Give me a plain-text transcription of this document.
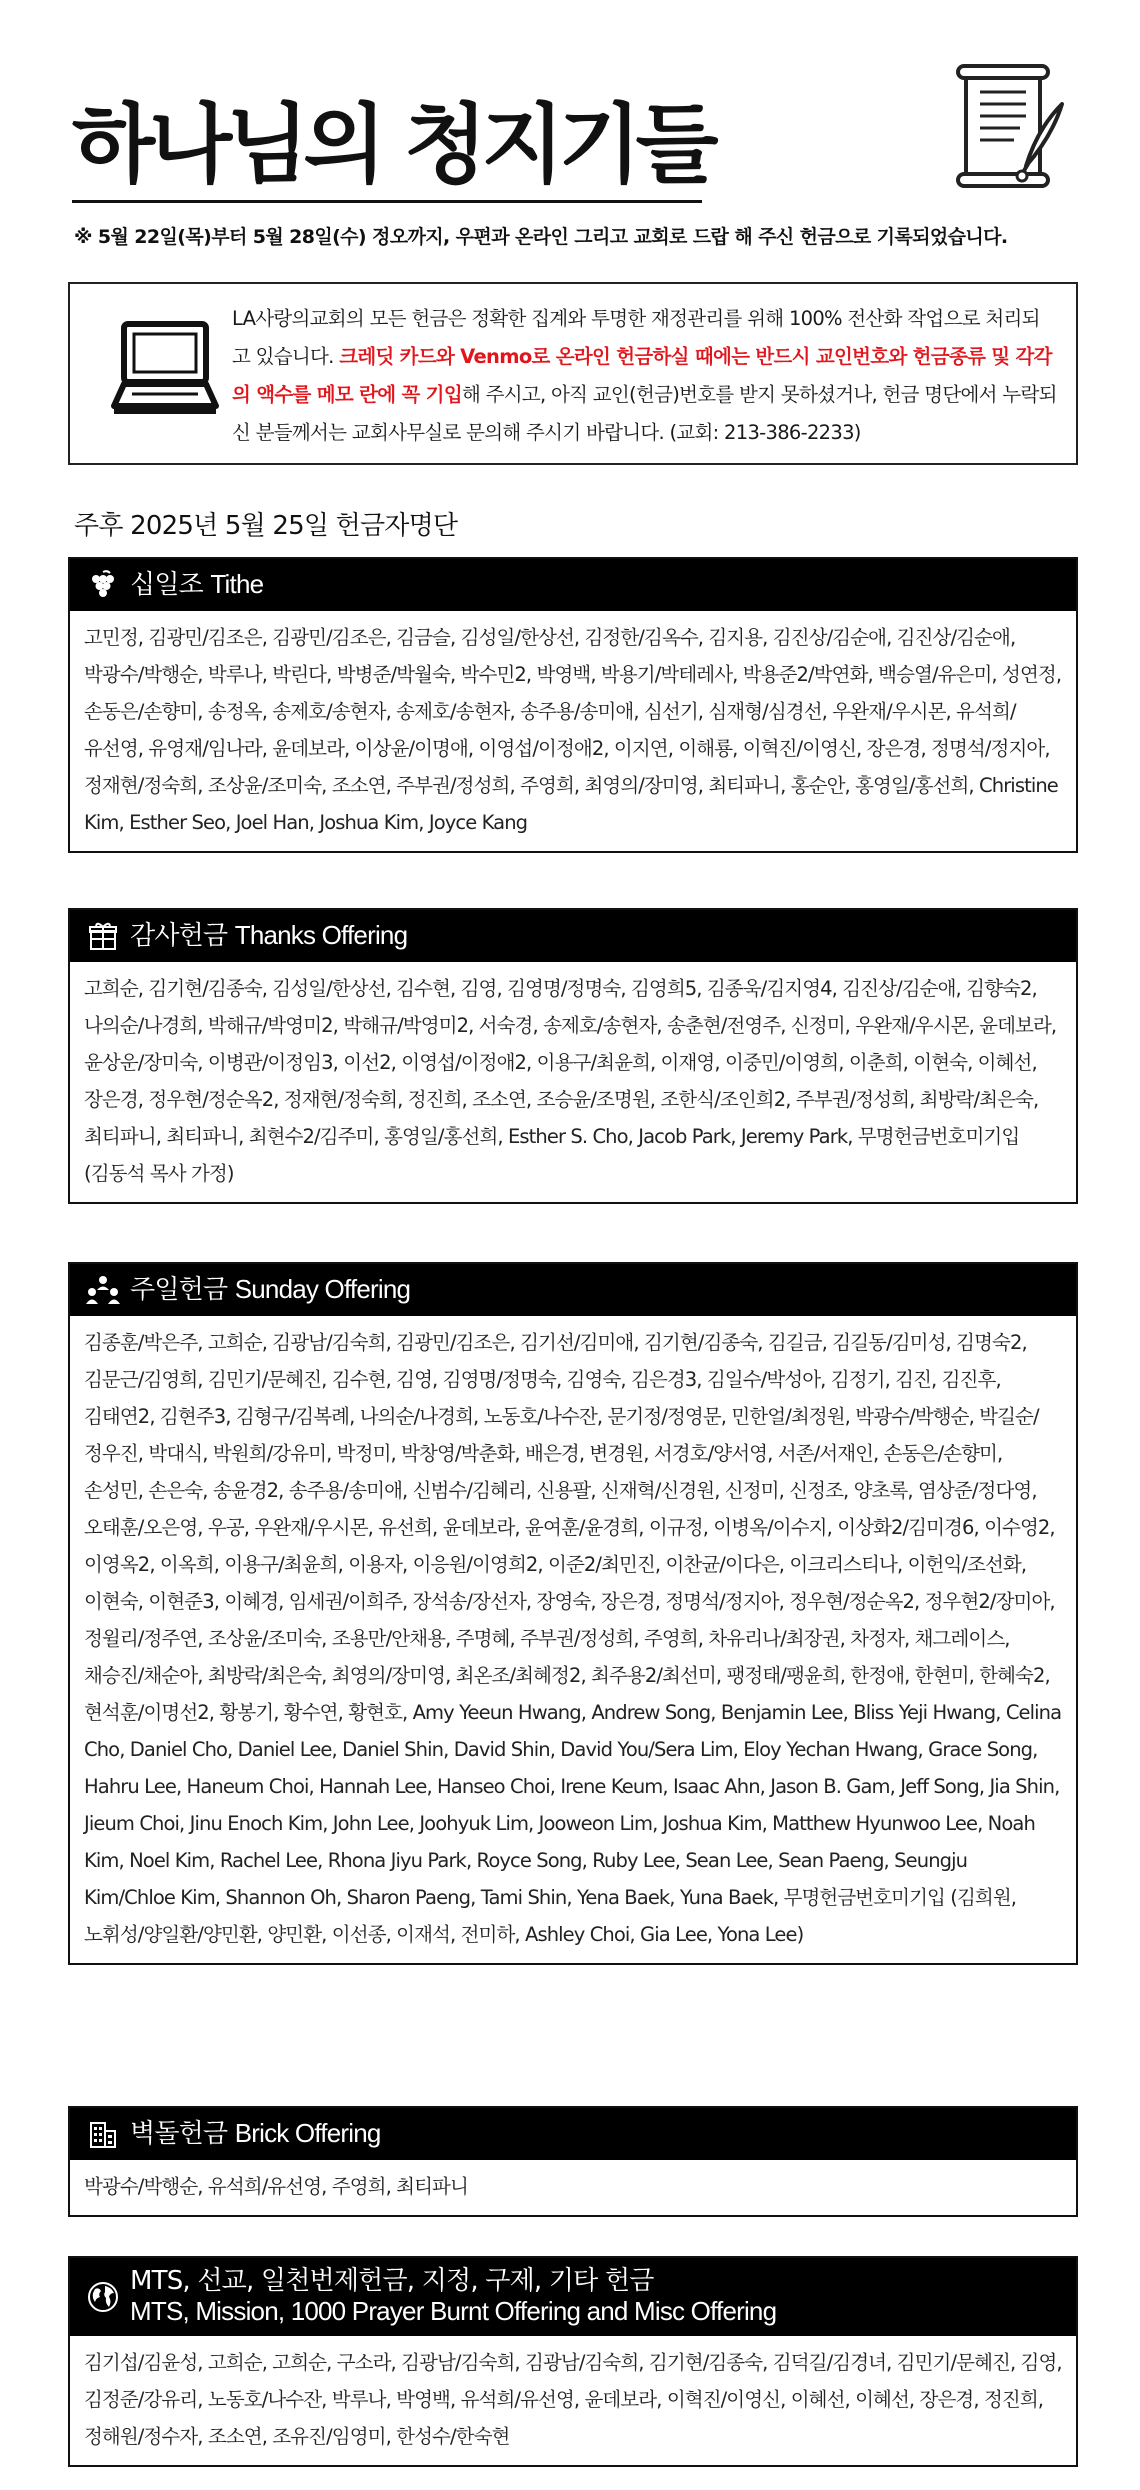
하나님의 청지기들
※ 5월 22일(목)부터 5월 28일(수) 정오까지, 우편과 온라인 그리고 교회로 드랍 해 주신 헌금으로 기록되었습니다.
LA사랑의교회의 모든 헌금은 정확한 집계와 투명한 재정관리를 위해 100% 전산화 작업으로 처리되고 있습니다. 크레딧 카드와 Venmo로 온라인 헌금하실 때에는 반드시 교인번호와 헌금종류 및 각각의 액수를 메모 란에 꼭 기입해 주시고, 아직 교인(헌금)번호를 받지 못하셨거나, 헌금 명단에서 누락되신 분들께서는 교회사무실로 문의해 주시기 바랍니다. (교회: 213-386-2233)
주후 2025년 5월 25일 헌금자명단
십일조 Tithe
고민정, 김광민/김조은, 김광민/김조은, 김금슬, 김성일/한상선, 김정한/김옥수, 김지용, 김진상/김순애, 김진상/김순애, 박광수/박행순, 박루나, 박린다, 박병준/박월숙, 박수민2, 박영백, 박용기/박테레사, 박용준2/박연화, 백승열/유은미, 성연정, 손동은/손향미, 송정옥, 송제호/송현자, 송제호/송현자, 송주용/송미애, 심선기, 심재형/심경선, 우완재/우시몬, 유석희/유선영, 유영재/임나라, 윤데보라, 이상윤/이명애, 이영섭/이정애2, 이지연, 이해룡, 이혁진/이영신, 장은경, 정명석/정지아, 정재현/정숙희, 조상윤/조미숙, 조소연, 주부권/정성희, 주영희, 최영의/장미영, 최티파니, 홍순안, 홍영일/홍선희, Christine Kim, Esther Seo, Joel Han, Joshua Kim, Joyce Kang
감사헌금 Thanks Offering
고희순, 김기현/김종숙, 김성일/한상선, 김수현, 김영, 김영명/정명숙, 김영희5, 김종욱/김지영4, 김진상/김순애, 김향숙2, 나의순/나경희, 박해규/박영미2, 박해규/박영미2, 서숙경, 송제호/송현자, 송춘현/전영주, 신정미, 우완재/우시몬, 윤데보라, 윤상운/장미숙, 이병관/이정임3, 이선2, 이영섭/이정애2, 이용구/최윤희, 이재영, 이중민/이영희, 이춘희, 이현숙, 이혜선, 장은경, 정우현/정순옥2, 정재현/정숙희, 정진희, 조소연, 조승윤/조명원, 조한식/조인희2, 주부권/정성희, 최방락/최은숙, 최티파니, 최티파니, 최현수2/김주미, 홍영일/홍선희, Esther S. Cho, Jacob Park, Jeremy Park, 무명헌금번호미기입 (김동석 목사 가정)
주일헌금 Sunday Offering
김종훈/박은주, 고희순, 김광남/김숙희, 김광민/김조은, 김기선/김미애, 김기현/김종숙, 김길금, 김길동/김미성, 김명숙2, 김문근/김영희, 김민기/문혜진, 김수현, 김영, 김영명/정명숙, 김영숙, 김은경3, 김일수/박성아, 김정기, 김진, 김진후, 김태연2, 김현주3, 김형구/김복례, 나의순/나경희, 노동호/나수잔, 문기정/정영문, 민한얼/최정원, 박광수/박행순, 박길순/정우진, 박대식, 박원희/강유미, 박정미, 박창영/박춘화, 배은경, 변경원, 서경호/양서영, 서존/서재인, 손동은/손향미, 손성민, 손은숙, 송윤경2, 송주용/송미애, 신범수/김혜리, 신용팔, 신재혁/신경원, 신정미, 신정조, 양초록, 염상준/정다영, 오태훈/오은영, 우공, 우완재/우시몬, 유선희, 윤데보라, 윤여훈/윤경희, 이규정, 이병옥/이수지, 이상화2/김미경6, 이수영2, 이영옥2, 이옥희, 이용구/최윤희, 이용자, 이응원/이영희2, 이준2/최민진, 이찬균/이다은, 이크리스티나, 이헌익/조선화, 이현숙, 이현준3, 이혜경, 임세권/이희주, 장석송/장선자, 장영숙, 장은경, 정명석/정지아, 정우현/정순옥2, 정우현2/장미아, 정윌리/정주연, 조상윤/조미숙, 조용만/안채용, 주명혜, 주부권/정성희, 주영희, 차유리나/최장권, 차정자, 채그레이스, 채승진/채순아, 최방락/최은숙, 최영의/장미영, 최온조/최혜정2, 최주용2/최선미, 팽정태/팽윤희, 한정애, 한현미, 한혜숙2, 현석훈/이명선2, 황봉기, 황수연, 황현호, Amy Yeeun Hwang, Andrew Song, Benjamin Lee, Bliss Yeji Hwang, Celina Cho, Daniel Cho, Daniel Lee, Daniel Shin, David Shin, David You/Sera Lim, Eloy Yechan Hwang, Grace Song, Hahru Lee, Haneum Choi, Hannah Lee, Hanseo Choi, Irene Keum, Isaac Ahn, Jason B. Gam, Jeff Song, Jia Shin, Jieum Choi, Jinu Enoch Kim, John Lee, Joohyuk Lim, Jooweon Lim, Joshua Kim, Matthew Hyunwoo Lee, Noah Kim, Noel Kim, Rachel Lee, Rhona Jiyu Park, Royce Song, Ruby Lee, Sean Lee, Sean Paeng, Seungju Kim/Chloe Kim, Shannon Oh, Sharon Paeng, Tami Shin, Yena Baek, Yuna Baek, 무명헌금번호미기입 (김희원, 노휘성/양일환/양민환, 양민환, 이선종, 이재석, 전미하, Ashley Choi, Gia Lee, Yona Lee)
벽돌헌금 Brick Offering
박광수/박행순, 유석희/유선영, 주영희, 최티파니
MTS, 선교, 일천번제헌금, 지정, 구제, 기타 헌금
MTS, Mission, 1000 Prayer Burnt Offering and Misc Offering
김기섭/김윤성, 고희순, 고희순, 구소라, 김광남/김숙희, 김광남/김숙희, 김기현/김종숙, 김덕길/김경녀, 김민기/문혜진, 김영, 김정준/강유리, 노동호/나수잔, 박루나, 박영백, 유석희/유선영, 윤데보라, 이혁진/이영신, 이혜선, 이혜선, 장은경, 정진희, 정해원/정수자, 조소연, 조유진/임영미, 한성수/한숙현
